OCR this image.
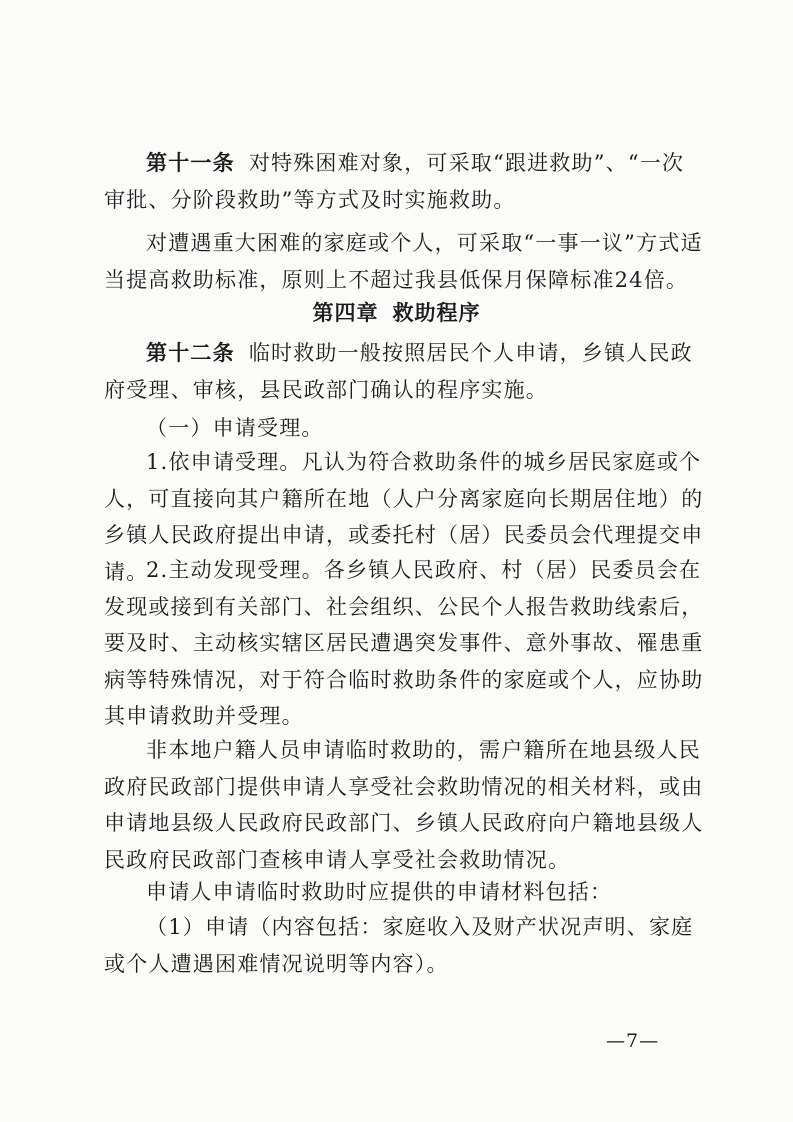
第十一条 对特殊困难对象，可采取“跟进救助”、“一次审批、分阶段救助”等方式及时实施救助。

对遭遇重大困难的家庭或个人，可采取“一事一议”方式适当提高救助标准，原则上不超过我县低保月保障标准24倍。

第四章 救助程序

第十二条 临时救助一般按照居民个人申请，乡镇人民政府受理、审核，县民政部门确认的程序实施。

（一）申请受理。

1.依申请受理。凡认为符合救助条件的城乡居民家庭或个人，可直接向其户籍所在地（人户分离家庭向长期居住地）的乡镇人民政府提出申请，或委托村（居）民委员会代理提交申请。

2.主动发现受理。各乡镇人民政府、村（居）民委员会在发现或接到有关部门、社会组织、公民个人报告救助线索后，要及时、主动核实辖区居民遭遇突发事件、意外事故、罹患重病等特殊情况，对于符合临时救助条件的家庭或个人，应协助其申请救助并受理。

非本地户籍人员申请临时救助的，需户籍所在地县级人民政府民政部门提供申请人享受社会救助情况的相关材料，或由申请地县级人民政府民政部门、乡镇人民政府向户籍地县级人民政府民政部门查核申请人享受社会救助情况。

申请人申请临时救助时应提供的申请材料包括：

（1）申请（内容包括：家庭收入及财产状况声明、家庭或个人遭遇困难情况说明等内容）。

—7—
